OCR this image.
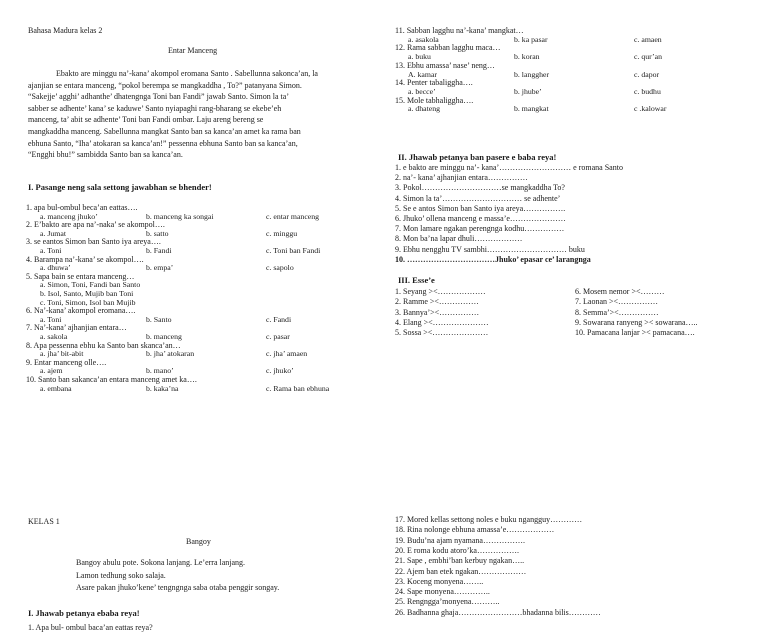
Bahasa Madura kelas 2
Entar Manceng
I. Pasange neng sala settong jawabhan se bhender!
Ebakto are minggu na’-kana’ akompol eromana Santo . Sabellunna sakonca’an, la
ajanjian se entara manceng, “pokol berempa se mangkaddha , To?” patanyana Simon.
“Sakejje’ agghi’ adhanthe’ dhatengnga Toni ban Fandi” jawab Santo. Simon la ta’
sabber se adhente’ kana’ se kaduwe’ Santo nyiapaghi rang-bharang se ekebe’eh
manceng, ta’ abit se adhente’ Toni ban Fandi ombar. Laju areng bereng se
mangkaddha manceng. Sabellunna mangkat Santo ban sa kanca’an amet ka rama ban
ebhuna Santo, “Iha’ atokaran sa kanca’an!” pessenna ebhuna Santo ban sa kanca’an,
“Engghi bhu!” sambidda Santo ban sa kanca’an.
1. apa bul-ombul beca’an eattas….
a. manceng jhuko’	b. manceng ka songai	c. entar manceng
2. E’bakto are apa na’-naka’ se akompol….
a. Jumat	b. satto	c. minggu
3. se eantos Simon ban Santo iya areya….
a. Toni	b. Fandi	c. Toni ban Fandi
4. Barampa na’-kana’ se akompol….
a. dhuwa’	b. empa’	c. sapolo
5. Sapa bain se entara manceng…
a. Simon, Toni, Fandi ban Santo
b. Isol, Santo, Mujib ban Toni
c. Toni, Simon, Isol ban Mujib
6. Na’-kana’ akompol eromana….
a. Toni	b. Santo	c. Fandi
7. Na’-kana’ ajhanjian entara…
a. sakola	b. manceng	c. pasar
8. Apa pessenna ebhu ka Santo ban skanca’an…
a. jha’ bit-abit	b. jha’ atokaran	c. jha’ amaen
9. Entar manceng olle….
a. ajem	b. mano’	c. jhuko’
10. Santo ban sakanca’an entara manceng amet ka….
a. embana	b. kaka’na	c. Rama ban ebhuna
II. Jhawab petanya ban pasere e baba reya!
III. Esse’e
11. Sabban lagghu na’-kana’ mangkat…
a. asakola	b. ka pasar	c. amaen
12. Rama sabban lagghu maca…
a. buku	b. koran	c. qur’an
13. Ebhu amassa’ nase’ neng…
A. kamar	b. langgher	c. dapor
14. Penter tabaliggha….
a. becce’	b. jhube’	c. budhu
15. Mole tabhaliggha….
a. dhateng	b. mangkat	c .kalowar
1. e bakto are minggu na’- kana’……………………… e romana Santo
2. na’- kana’ ajhanjian entara……………
3. Pokol…………………………se mangkaddha To?
4. Simon la ta’………………………… se adhente’
5. Se e antos Simon ban Santo iya areya…………….
6. Jhuko’ ollena manceng e massa’e…………………
7. Mon lamare ngakan perengnga kodhu……………
8. Mon ba’na lapar dhuli………………
9. Ebhu nengghu TV sambhi………………………… buku
10. ……………………………Jhuko’ epasar ce’ larangnga
1. Seyang ><………………
2. Ramme ><……………
3. Bannya’><……………
4. Elang ><…………………
5. Sossa ><…………………
6. Mosem nemor ><………
7. Laonan ><……………
8. Semma’><……………
9. Sowarana ranyeng >< sowarana…..
10. Pamacana lanjar >< pamacana….
KELAS 1
Bangoy
I. Jhawab petanya ebaba reya!
1. Apa bul- ombul baca’an eattas reya?
Bangoy abulu pote. Sokona lanjang. Le’erra lanjang.
Lamon tedhung soko salaja.
Asare pakan jhuko’kene’ tengngnga saba otaba penggir songay.
17. Mored kellas settong noles e buku ngangguy…………
18. Rina nolonge ebhuna amassa’e………………
19. Budu’na ajam nyamana…………….
20. E roma kodu atoro’ka…………….
21. Sape , embhi’ban kerbuy ngakan…..
22. Ajem ban etek ngakan………………
23. Koceng monyena……..
24. Sape monyena…………..
25. Rengngga’monyena………..
26. Badhanna ghaja……………………bhadanna bilis…………
